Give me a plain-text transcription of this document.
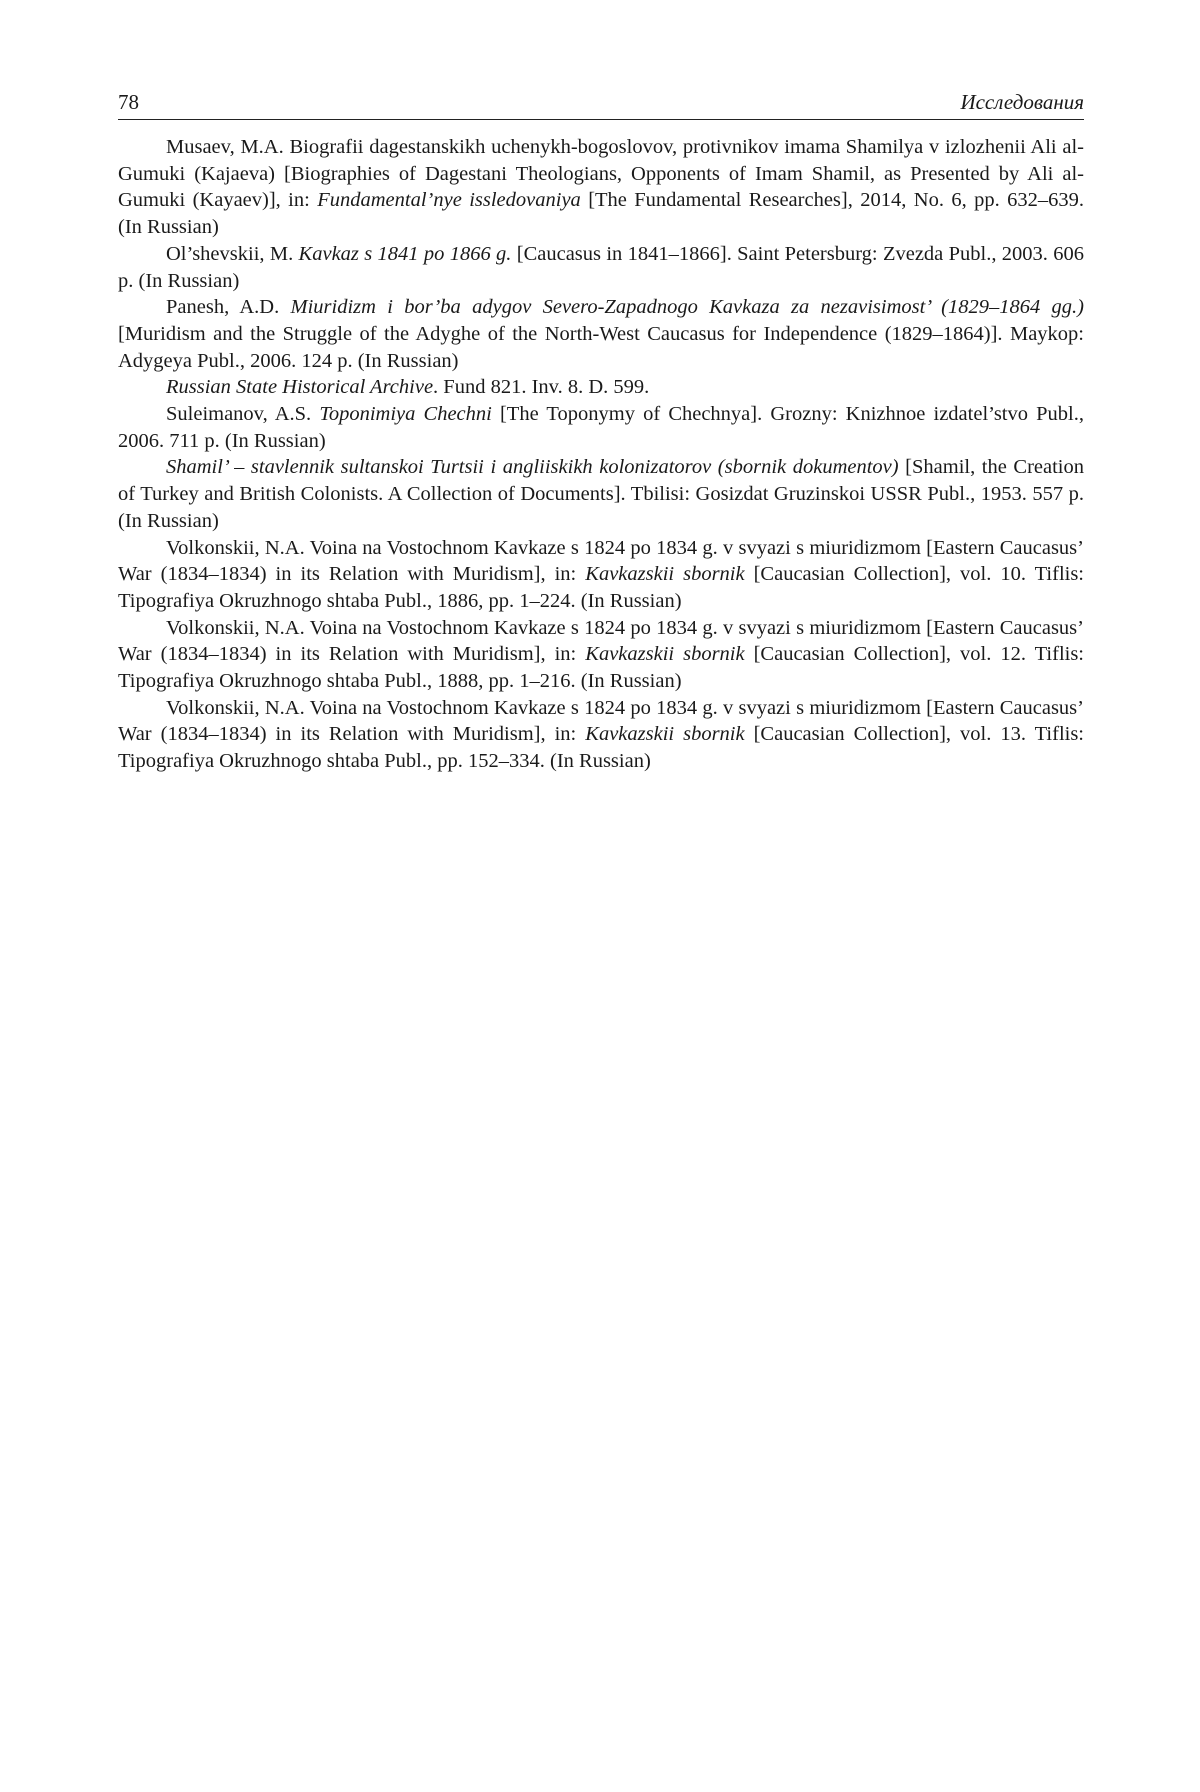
78	Исследования

Musaev, M.A. Biografii dagestanskikh uchenykh-bogoslovov, protivnikov imama Shamilya v izlozhenii Ali al-Gumuki (Kajaeva) [Biographies of Dagestani Theologians, Opponents of Imam Shamil, as Presented by Ali al-Gumuki (Kayaev)], in: Fundamental’nye issledovaniya [The Fundamental Researches], 2014, No. 6, pp. 632–639. (In Russian)

Ol’shevskii, M. Kavkaz s 1841 po 1866 g. [Caucasus in 1841–1866]. Saint Petersburg: Zvezda Publ., 2003. 606 p. (In Russian)

Panesh, A.D. Miuridizm i bor’ba adygov Severo-Zapadnogo Kavkaza za nezavisimost’ (1829–1864 gg.) [Muridism and the Struggle of the Adyghe of the North-West Caucasus for Independence (1829–1864)]. Maykop: Adygeya Publ., 2006. 124 p. (In Russian)

Russian State Historical Archive. Fund 821. Inv. 8. D. 599.

Suleimanov, A.S. Toponimiya Chechni [The Toponymy of Chechnya]. Grozny: Knizhnoe izdatel’stvo Publ., 2006. 711 p. (In Russian)

Shamil’ – stavlennik sultanskoi Turtsii i angliiskikh kolonizatorov (sbornik dokumentov) [Shamil, the Creation of Turkey and British Colonists. A Collection of Documents]. Tbilisi: Gosizdat Gruzinskoi USSR Publ., 1953. 557 p. (In Russian)

Volkonskii, N.A. Voina na Vostochnom Kavkaze s 1824 po 1834 g. v svyazi s miuridizmom [Eastern Caucasus’ War (1834–1834) in its Relation with Muridism], in: Kavkazskii sbornik [Caucasian Collection], vol. 10. Tiflis: Tipografiya Okruzhnogo shtaba Publ., 1886, pp. 1–224. (In Russian)

Volkonskii, N.A. Voina na Vostochnom Kavkaze s 1824 po 1834 g. v svyazi s miuridizmom [Eastern Caucasus’ War (1834–1834) in its Relation with Muridism], in: Kavkazskii sbornik [Caucasian Collection], vol. 12. Tiflis: Tipografiya Okruzhnogo shtaba Publ., 1888, pp. 1–216. (In Russian)

Volkonskii, N.A. Voina na Vostochnom Kavkaze s 1824 po 1834 g. v svyazi s miuridizmom [Eastern Caucasus’ War (1834–1834) in its Relation with Muridism], in: Kavkazskii sbornik [Caucasian Collection], vol. 13. Tiflis: Tipografiya Okruzhnogo shtaba Publ., pp. 152–334. (In Russian)
